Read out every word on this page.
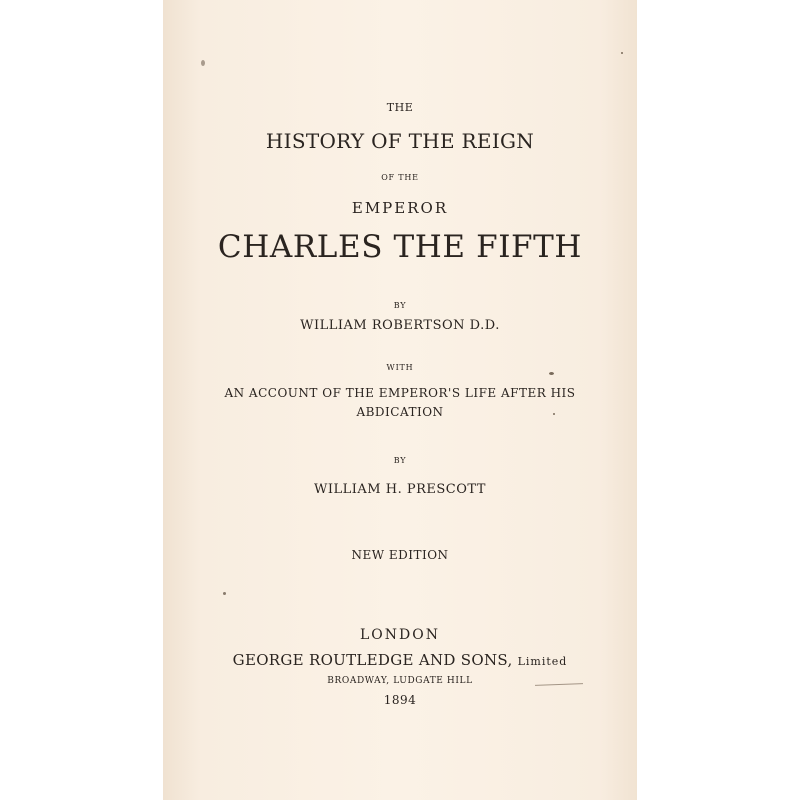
THE
HISTORY OF THE REIGN
OF THE
EMPEROR
CHARLES THE FIFTH
BY
WILLIAM ROBERTSON D.D.
WITH
AN ACCOUNT OF THE EMPEROR'S LIFE AFTER HIS
ABDICATION
BY
WILLIAM H. PRESCOTT
NEW EDITION
LONDON
GEORGE ROUTLEDGE AND SONS, Limited
BROADWAY, LUDGATE HILL
1894
